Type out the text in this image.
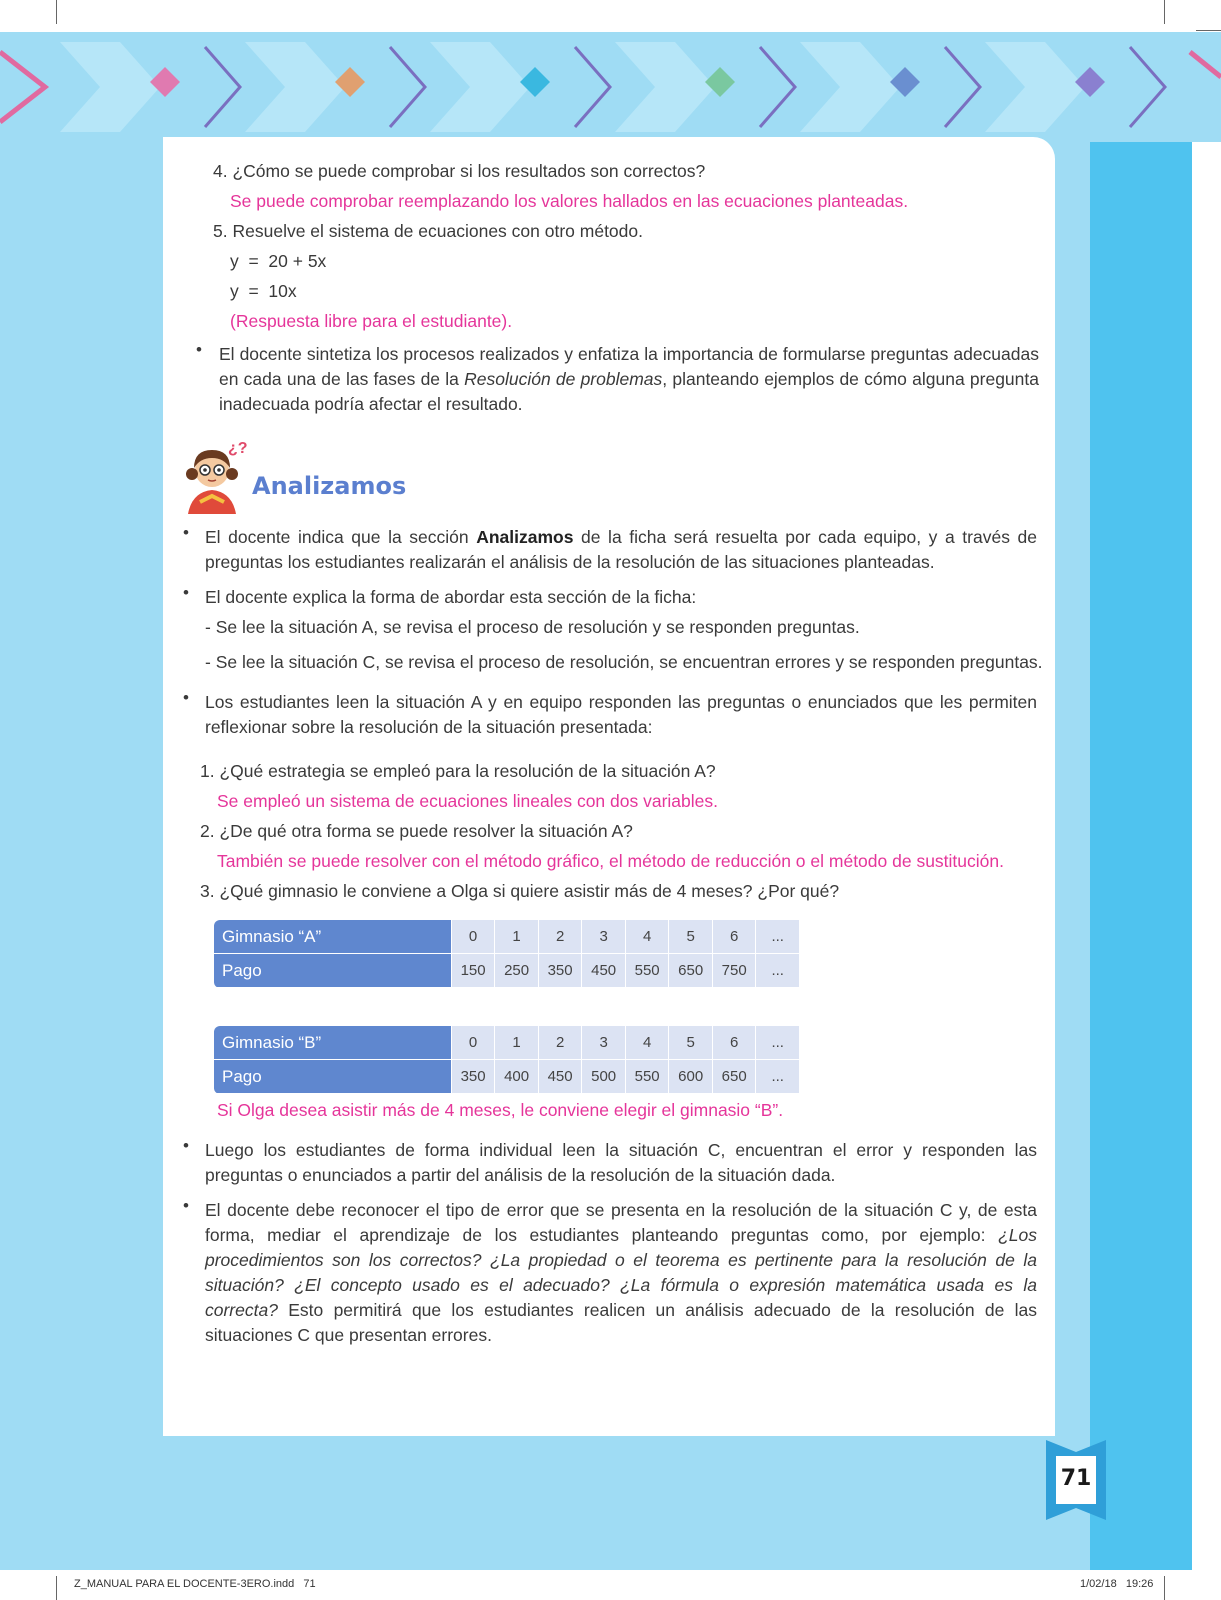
4. ¿Cómo se puede comprobar si los resultados son correctos?
Se puede comprobar reemplazando los valores hallados en las ecuaciones planteadas.
5. Resuelve el sistema de ecuaciones con otro método.
y  =  20 + 5x
y  =  10x
(Respuesta libre para el estudiante).
• El docente sintetiza los procesos realizados y enfatiza la importancia de formularse preguntas adecuadas en cada una de las fases de la Resolución de problemas, planteando ejemplos de cómo alguna pregunta inadecuada podría afectar el resultado.
¿?
Analizamos
• El docente indica que la sección Analizamos de la ficha será resuelta por cada equipo, y a través de preguntas los estudiantes realizarán el análisis de la resolución de las situaciones planteadas.
• El docente explica la forma de abordar esta sección de la ficha:
- Se lee la situación A, se revisa el proceso de resolución y se responden preguntas.
- Se lee la situación C, se revisa el proceso de resolución, se encuentran errores y se responden preguntas.
• Los estudiantes leen la situación A y en equipo responden las preguntas o enunciados que les permiten reflexionar sobre la resolución de la situación presentada:
1. ¿Qué estrategia se empleó para la resolución de la situación A?
Se empleó un sistema de ecuaciones lineales con dos variables.
2. ¿De qué otra forma se puede resolver la situación A?
También se puede resolver con el método gráfico, el método de reducción o el método de sustitución.
3. ¿Qué gimnasio le conviene a Olga si quiere asistir más de 4 meses? ¿Por qué?
Gimnasio “A”	0	1	2	3	4	5	6	...
Pago	150	250	350	450	550	650	750	...
Gimnasio “B”	0	1	2	3	4	5	6	...
Pago	350	400	450	500	550	600	650	...
Si Olga desea asistir más de 4 meses, le conviene elegir el gimnasio “B”.
• Luego los estudiantes de forma individual leen la situación C, encuentran el error y responden las preguntas o enunciados a partir del análisis de la resolución de la situación dada.
• El docente debe reconocer el tipo de error que se presenta en la resolución de la situación C y, de esta forma, mediar el aprendizaje de los estudiantes planteando preguntas como, por ejemplo: ¿Los procedimientos son los correctos? ¿La propiedad o el teorema es pertinente para la resolución de la situación? ¿El concepto usado es el adecuado? ¿La fórmula o expresión matemática usada es la correcta? Esto permitirá que los estudiantes realicen un análisis adecuado de la resolución de las situaciones C que presentan errores.
71
Z_MANUAL PARA EL DOCENTE-3ERO.indd   71	1/02/18   19:26
